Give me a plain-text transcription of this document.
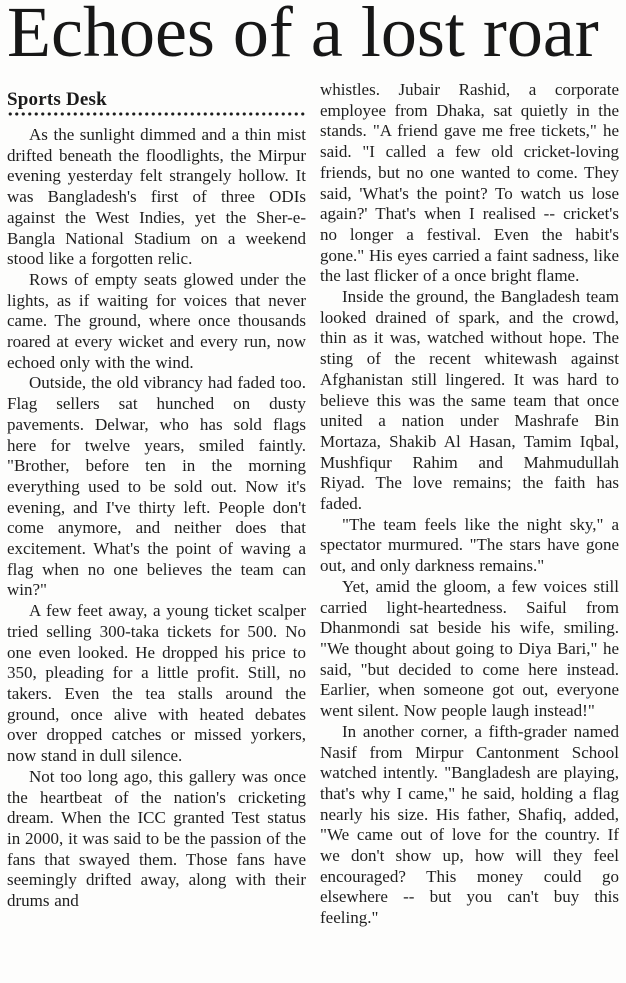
Echoes of a lost roar
Sports Desk

As the sunlight dimmed and a thin mist drifted beneath the floodlights, the Mirpur evening yesterday felt strangely hollow. It was Bangladesh's first of three ODIs against the West Indies, yet the Sher-e-Bangla National Stadium on a weekend stood like a forgotten relic.

Rows of empty seats glowed under the lights, as if waiting for voices that never came. The ground, where once thousands roared at every wicket and every run, now echoed only with the wind.

Outside, the old vibrancy had faded too. Flag sellers sat hunched on dusty pavements. Delwar, who has sold flags here for twelve years, smiled faintly. "Brother, before ten in the morning everything used to be sold out. Now it's evening, and I've thirty left. People don't come anymore, and neither does that excitement. What's the point of waving a flag when no one believes the team can win?"

A few feet away, a young ticket scalper tried selling 300-taka tickets for 500. No one even looked. He dropped his price to 350, pleading for a little profit. Still, no takers. Even the tea stalls around the ground, once alive with heated debates over dropped catches or missed yorkers, now stand in dull silence.

Not too long ago, this gallery was once the heartbeat of the nation's cricketing dream. When the ICC granted Test status in 2000, it was said to be the passion of the fans that swayed them. Those fans have seemingly drifted away, along with their drums and

whistles. Jubair Rashid, a corporate employee from Dhaka, sat quietly in the stands. "A friend gave me free tickets," he said. "I called a few old cricket-loving friends, but no one wanted to come. They said, 'What's the point? To watch us lose again?' That's when I realised -- cricket's no longer a festival. Even the habit's gone." His eyes carried a faint sadness, like the last flicker of a once bright flame.

Inside the ground, the Bangladesh team looked drained of spark, and the crowd, thin as it was, watched without hope. The sting of the recent whitewash against Afghanistan still lingered. It was hard to believe this was the same team that once united a nation under Mashrafe Bin Mortaza, Shakib Al Hasan, Tamim Iqbal, Mushfiqur Rahim and Mahmudullah Riyad. The love remains; the faith has faded.

"The team feels like the night sky," a spectator murmured. "The stars have gone out, and only darkness remains."

Yet, amid the gloom, a few voices still carried light-heartedness. Saiful from Dhanmondi sat beside his wife, smiling. "We thought about going to Diya Bari," he said, "but decided to come here instead. Earlier, when someone got out, everyone went silent. Now people laugh instead!"

In another corner, a fifth-grader named Nasif from Mirpur Cantonment School watched intently. "Bangladesh are playing, that's why I came," he said, holding a flag nearly his size. His father, Shafiq, added, "We came out of love for the country. If we don't show up, how will they feel encouraged? This money could go elsewhere -- but you can't buy this feeling."
